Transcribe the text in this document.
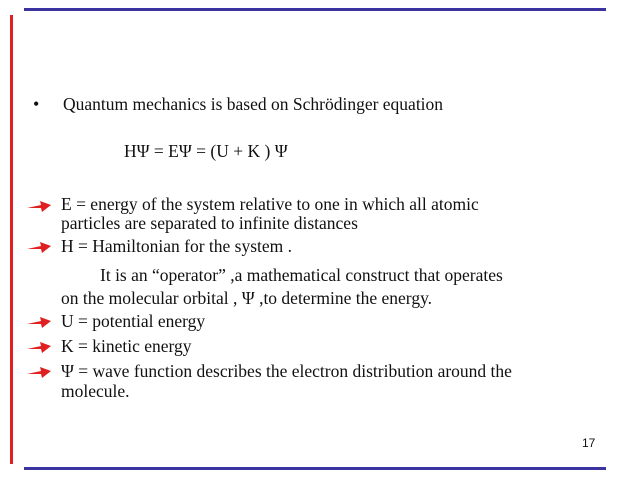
• Quantum mechanics is based on Schrödinger equation
HΨ = EΨ = (U + K ) Ψ
E = energy of the system relative to one in which all atomic
particles are separated to infinite distances
H = Hamiltonian for the system .
It is an “operator” ,a mathematical construct that operates
on the molecular orbital , Ψ ,to determine the energy.
U = potential energy
K = kinetic energy
Ψ = wave function describes the electron distribution around the
molecule.
17
